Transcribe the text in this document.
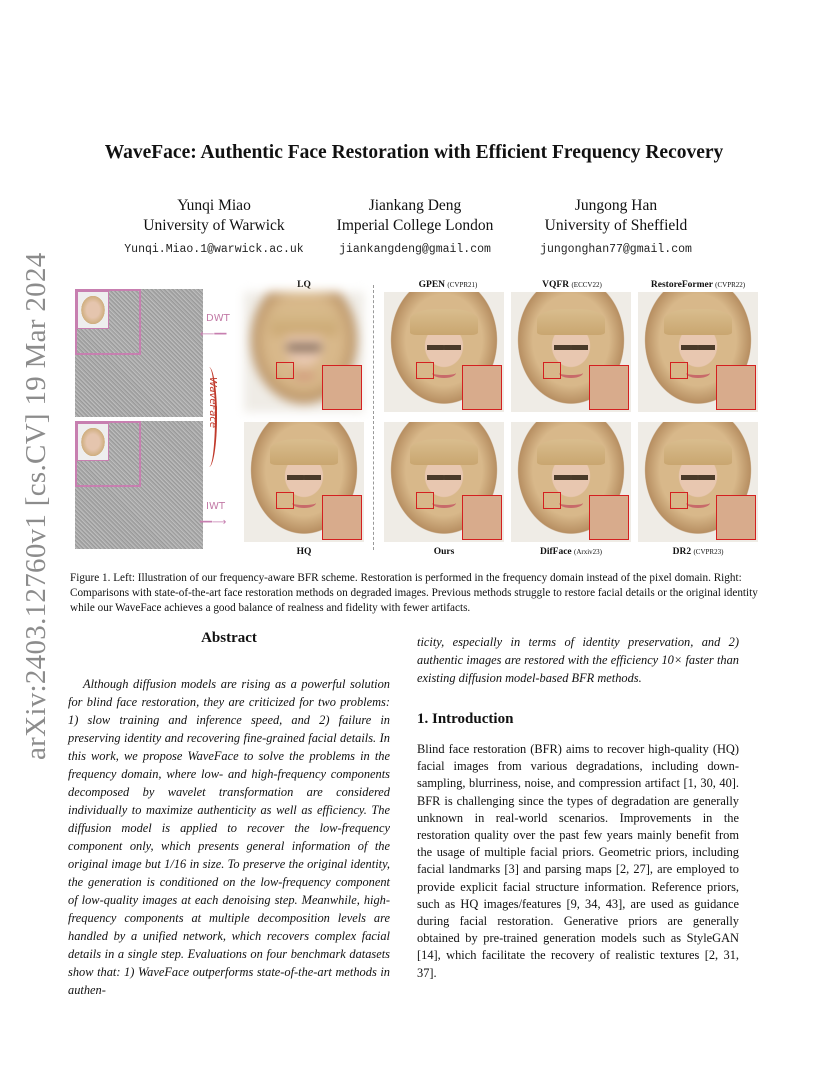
arXiv:2403.12760v1 [cs.CV] 19 Mar 2024
WaveFace: Authentic Face Restoration with Efficient Frequency Recovery
Yunqi Miao
University of Warwick
Yunqi.Miao.1@warwick.ac.uk
Jiankang Deng
Imperial College London
jiankangdeng@gmail.com
Jungong Han
University of Sheffield
jungonghan77@gmail.com
DWT
⟵━━
IWT
━━⟶
WaveFace
LQ	GPEN (CVPR21)	VQFR (ECCV22)	RestoreFormer (CVPR22)
HQ	Ours	DifFace (Arxiv23)	DR2 (CVPR23)
Figure 1. Left: Illustration of our frequency-aware BFR scheme. Restoration is performed in the frequency domain instead of the pixel domain. Right: Comparisons with state-of-the-art face restoration methods on degraded images. Previous methods struggle to restore facial details or the original identity while our WaveFace achieves a good balance of realness and fidelity with fewer artifacts.
Abstract
Although diffusion models are rising as a powerful solution for blind face restoration, they are criticized for two problems: 1) slow training and inference speed, and 2) failure in preserving identity and recovering fine-grained facial details. In this work, we propose WaveFace to solve the problems in the frequency domain, where low- and high-frequency components decomposed by wavelet transformation are considered individually to maximize authenticity as well as efficiency. The diffusion model is applied to recover the low-frequency component only, which presents general information of the original image but 1/16 in size. To preserve the original identity, the generation is conditioned on the low-frequency component of low-quality images at each denoising step. Meanwhile, high-frequency components at multiple decomposition levels are handled by a unified network, which recovers complex facial details in a single step. Evaluations on four benchmark datasets show that: 1) WaveFace outperforms state-of-the-art methods in authen-
ticity, especially in terms of identity preservation, and 2) authentic images are restored with the efficiency 10× faster than existing diffusion model-based BFR methods.
1. Introduction
Blind face restoration (BFR) aims to recover high-quality (HQ) facial images from various degradations, including down-sampling, blurriness, noise, and compression artifact [1, 30, 40]. BFR is challenging since the types of degradation are generally unknown in real-world scenarios. Improvements in the restoration quality over the past few years mainly benefit from the usage of multiple facial priors. Geometric priors, including facial landmarks [3] and parsing maps [2, 27], are employed to provide explicit facial structure information. Reference priors, such as HQ images/features [9, 34, 43], are used as guidance during facial restoration. Generative priors are generally obtained by pre-trained generation models such as StyleGAN [14], which facilitate the recovery of realistic textures [2, 31, 37].
